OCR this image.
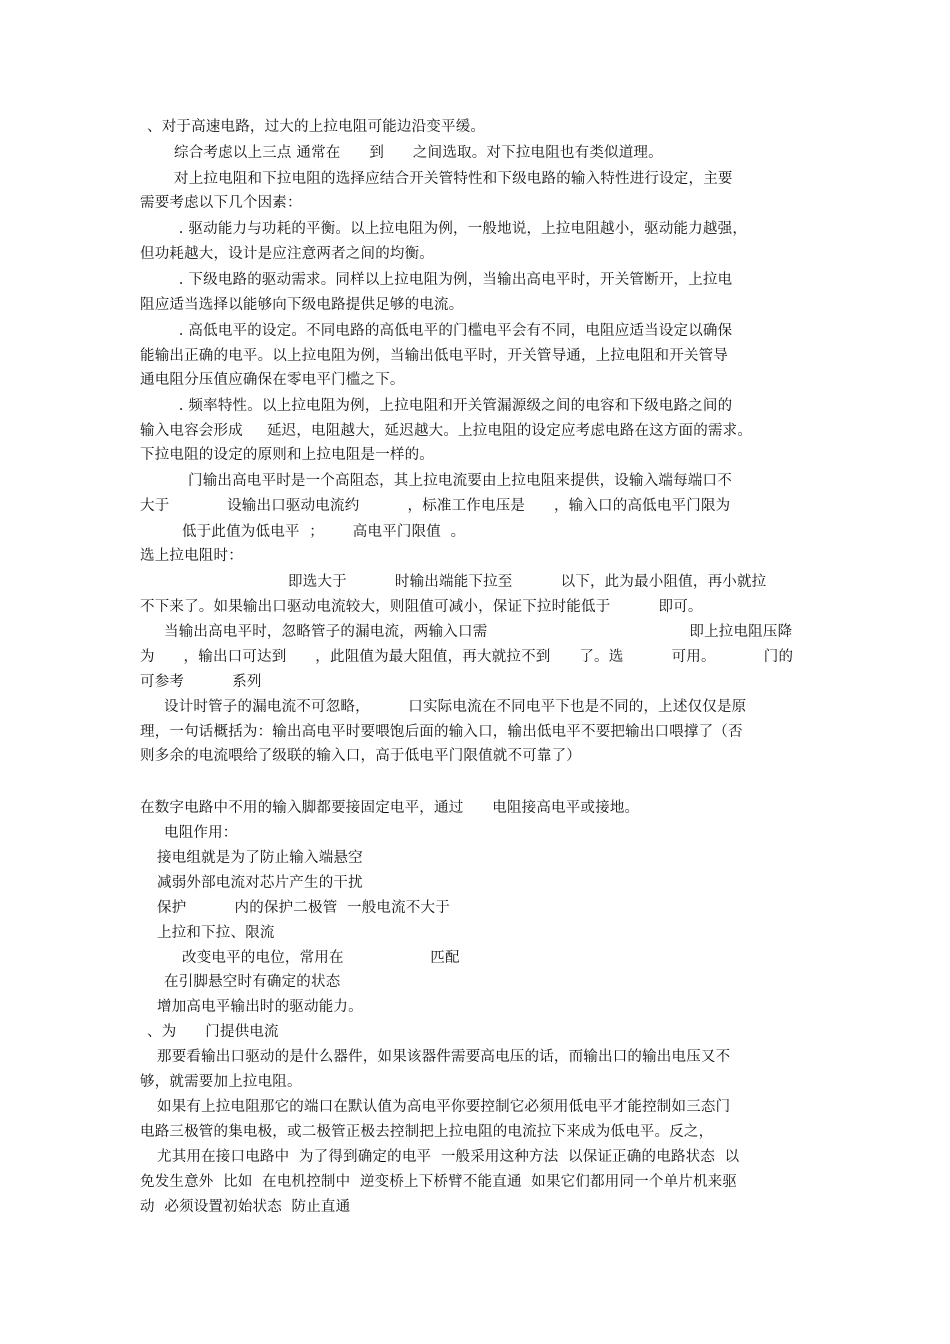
、对于高速电路，过大的上拉电阻可能边沿变平缓。
综合考虑以上三点 通常在      到      之间选取。对下拉电阻也有类似道理。
对上拉电阻和下拉电阻的选择应结合开关管特性和下级电路的输入特性进行设定，主要
需要考虑以下几个因素：
. 驱动能力与功耗的平衡。以上拉电阻为例，一般地说，上拉电阻越小，驱动能力越强，
但功耗越大，设计是应注意两者之间的均衡。
. 下级电路的驱动需求。同样以上拉电阻为例，当输出高电平时，开关管断开，上拉电
阻应适当选择以能够向下级电路提供足够的电流。
. 高低电平的设定。不同电路的高低电平的门槛电平会有不同，电阻应适当设定以确保
能输出正确的电平。以上拉电阻为例，当输出低电平时，开关管导通，上拉电阻和开关管导
通电阻分压值应确保在零电平门槛之下。
. 频率特性。以上拉电阻为例，上拉电阻和开关管漏源级之间的电容和下级电路之间的
输入电容会形成     延迟，电阻越大，延迟越大。上拉电阻的设定应考虑电路在这方面的需求。
下拉电阻的设定的原则和上拉电阻是一样的。
门输出高电平时是一个高阻态，其上拉电流要由上拉电阻来提供，设输入端每端口不
大于            设输出口驱动电流约          ，标准工作电压是      ，输入口的高低电平门限为
低于此值为低电平  ；      高电平门限值  。
选上拉电阻时：
即选大于          时输出端能下拉至          以下，此为最小阻值，再小就拉
不下来了。如果输出口驱动电流较大，则阻值可减小，保证下拉时能低于          即可。
当输出高电平时，忽略管子的漏电流，两输入口需                                          即上拉电阻压降
为      ，输出口可达到      ，此阻值为最大阻值，再大就拉不到      了。选          可用。          门的
可参考          系列
设计时管子的漏电流不可忽略，        口实际电流在不同电平下也是不同的，上述仅仅是原
理，一句话概括为：输出高电平时要喂饱后面的输入口，输出低电平不要把输出口喂撑了（否
则多余的电流喂给了级联的输入口，高于低电平门限值就不可靠了）
在数字电路中不用的输入脚都要接固定电平，通过      电阻接高电平或接地。
电阻作用：
接电组就是为了防止输入端悬空
减弱外部电流对芯片产生的干扰
保护          内的保护二极管  一般电流不大于
上拉和下拉、限流
改变电平的电位，常用在                  匹配
在引脚悬空时有确定的状态
增加高电平输出时的驱动能力。
、为      门提供电流
那要看输出口驱动的是什么器件，如果该器件需要高电压的话，而输出口的输出电压又不
够，就需要加上拉电阻。
如果有上拉电阻那它的端口在默认值为高电平你要控制它必须用低电平才能控制如三态门
电路三极管的集电极，或二极管正极去控制把上拉电阻的电流拉下来成为低电平。反之，
尤其用在接口电路中  为了得到确定的电平  一般采用这种方法  以保证正确的电路状态  以
免发生意外  比如  在电机控制中  逆变桥上下桥臂不能直通  如果它们都用同一个单片机来驱
动  必须设置初始状态  防止直通
